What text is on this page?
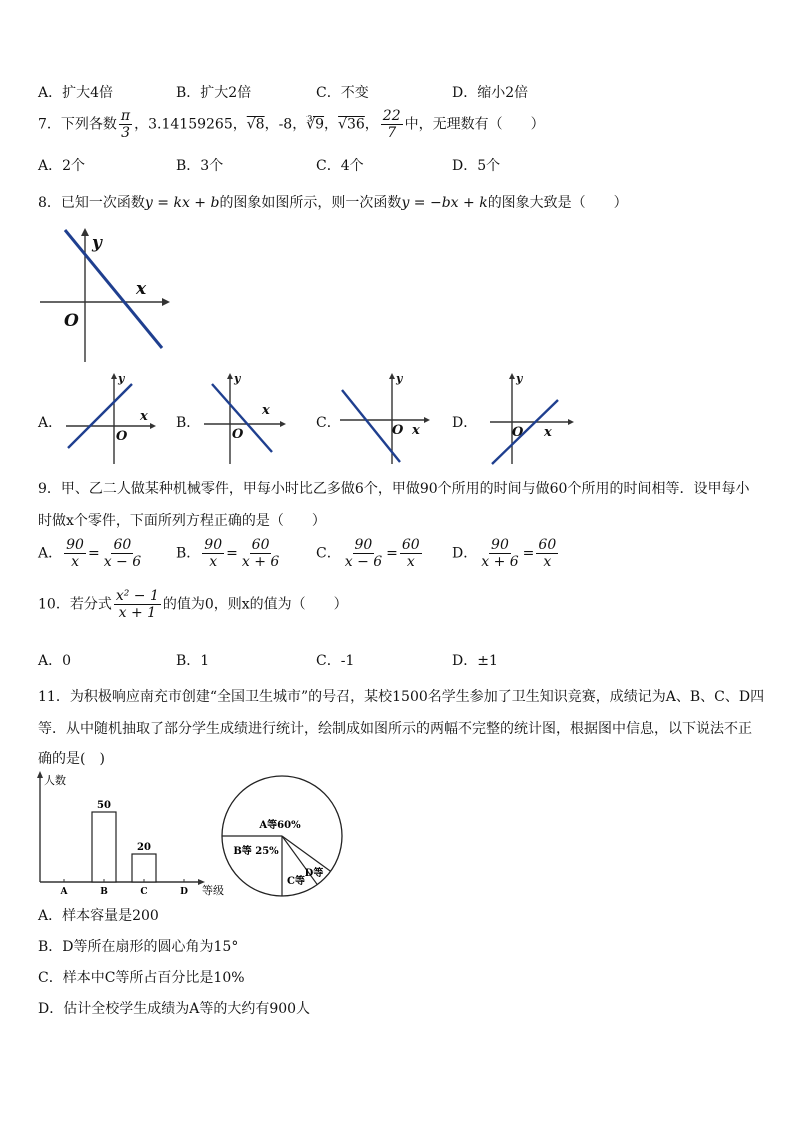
A．扩大4倍	B．扩大2倍	C．不变	D．缩小2倍
7．下列各数 $\frac{\pi}{3}$ ，3.14159265，√8，-8，∛9，√36， $\frac{22}{7}$ 中，无理数有（　　）
A．2个	B．3个	C．4个	D．5个
8．已知一次函数y = kx + b的图象如图所示，则一次函数y = −bx + k的图象大致是（　　）
y
x
O
A．	B．	C．	D．
y
x
O
y
x
O
y
x
O
y
x
O
9．甲、乙二人做某种机械零件，甲每小时比乙多做6个，甲做90个所用的时间与做60个所用的时间相等．设甲每小
时做x个零件，下面所列方程正确的是（　　）
A． $\frac{90}{x} = \frac{60}{x - 6}$ B． $\frac{90}{x} = \frac{60}{x + 6}$ C． $\frac{90}{x - 6} = \frac{60}{x}$ D． $\frac{90}{x + 6} = \frac{60}{x}$
10．若分式 $\frac{\text{x² − 1}}{x + 1}$ 的值为0，则x的值为（　　）
A．0	B．1	C．-1	D．±1
11．为积极响应南充市创建“全国卫生城市”的号召，某校1500名学生参加了卫生知识竞赛，成绩记为A、B、C、D四
等．从中随机抽取了部分学生成绩进行统计，绘制成如图所示的两幅不完整的统计图，根据图中信息，以下说法不正
确的是(　)
人数
等级
A
50
B
20
C	D
A等60%
B等 25%
C等
D等
A．样本容量是200
B．D等所在扇形的圆心角为15°
C．样本中C等所占百分比是10%
D．估计全校学生成绩为A等的大约有900人
